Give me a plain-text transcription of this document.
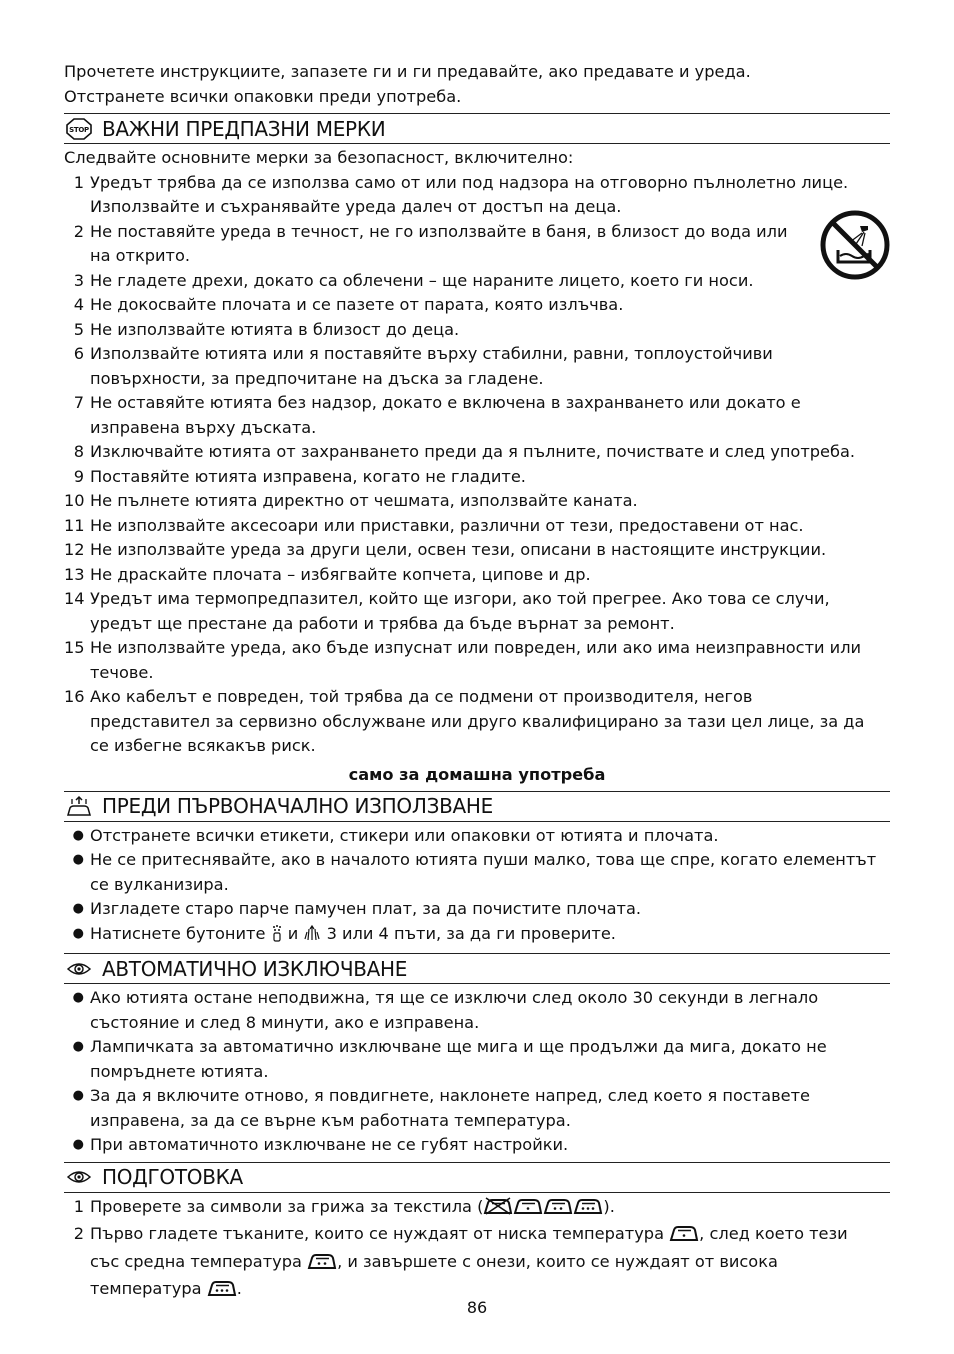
Прочетете инструкциите, запазете ги и ги предавайте, ако предавате и уреда.
Отстранете всички опаковки преди употреба.
STOP ВАЖНИ ПРЕДПАЗНИ МЕРКИ
Следвайте основните мерки за безопасност, включително:
1 Уредът трябва да се използва само от или под надзора на отговорно пълнолетно лице.
Използвайте и съхранявайте уреда далеч от достъп на деца.
2 Не поставяйте уреда в течност, не го използвайте в баня, в близост до вода или
на открито.
3 Не гладете дрехи, докато са облечени – ще нараните лицето, което ги носи.
4 Не докосвайте плочата и се пазете от парата, която излъчва.
5 Не използвайте ютията в близост до деца.
6 Използвайте ютията или я поставяйте върху стабилни, равни, топлоустойчиви
повърхности, за предпочитане на дъска за гладене.
7 Не оставяйте ютията без надзор, докато е включена в захранването или докато е
изправена върху дъската.
8 Изключвайте ютията от захранването преди да я пълните, почиствате и след употреба.
9 Поставяйте ютията изправена, когато не гладите.
10 Не пълнете ютията директно от чешмата, използвайте каната.
11 Не използвайте аксесоари или приставки, различни от тези, предоставени от нас.
12 Не използвайте уреда за други цели, освен тези, описани в настоящите инструкции.
13 Не драскайте плочата – избягвайте копчета, ципове и др.
14 Уредът има термопредпазител, който ще изгори, ако той прегрее. Ако това се случи,
уредът ще престане да работи и трябва да бъде върнат за ремонт.
15 Не използвайте уреда, ако бъде изпуснат или повреден, или ако има неизправности или
течове.
16 Ако кабелът е повреден, той трябва да се подмени от производителя, негов
представител за сервизно обслужване или друго квалифицирано за тази цел лице, за да
се избегне всякакъв риск.
само за домашна употреба
ПРЕДИ ПЪРВОНАЧАЛНО ИЗПОЛЗВАНЕ
● Отстранете всички етикети, стикери или опаковки от ютията и плочата.
● Не се притеснявайте, ако в началото ютията пуши малко, това ще спре, когато елементът
се вулканизира.
● Изгладете старо парче памучен плат, за да почистите плочата.
● Натиснете бутоните и 3 или 4 пъти, за да ги проверите.
АВТОМАТИЧНО ИЗКЛЮЧВАНЕ
● Ако ютията остане неподвижна, тя ще се изключи след около 30 секунди в легнало
състояние и след 8 минути, ако е изправена.
● Лампичката за автоматично изключване ще мига и ще продължи да мига, докато не
помръднете ютията.
● За да я включите отново, я повдигнете, наклонете напред, след което я поставете
изправена, за да се върне към работната температура.
● При автоматичното изключване не се губят настройки.
ПОДГОТОВКА
1 Проверете за символи за грижа за текстила (	).
2 Първо гладете тъканите, които се нуждаят от ниска температура , след което тези
със средна температура , и завършете с онези, които се нуждаят от висока
температура .
86
